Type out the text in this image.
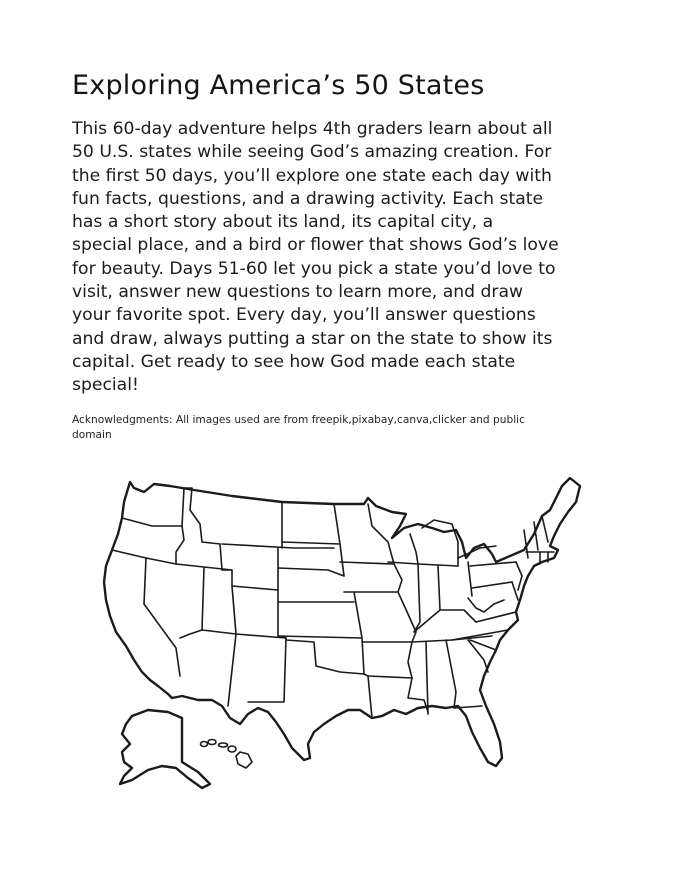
Exploring America’s 50 States
This 60-day adventure helps 4th graders learn about all
50 U.S. states while seeing God’s amazing creation. For
the first 50 days, you’ll explore one state each day with
fun facts, questions, and a drawing activity. Each state
has a short story about its land, its capital city, a
special place, and a bird or flower that shows God’s love
for beauty. Days 51-60 let you pick a state you’d love to
visit, answer new questions to learn more, and draw
your favorite spot. Every day, you’ll answer questions
and draw, always putting a star on the state to show its
capital. Get ready to see how God made each state
special!
Acknowledgments: All images used are from freepik,pixabay,canva,clicker and public
domain
